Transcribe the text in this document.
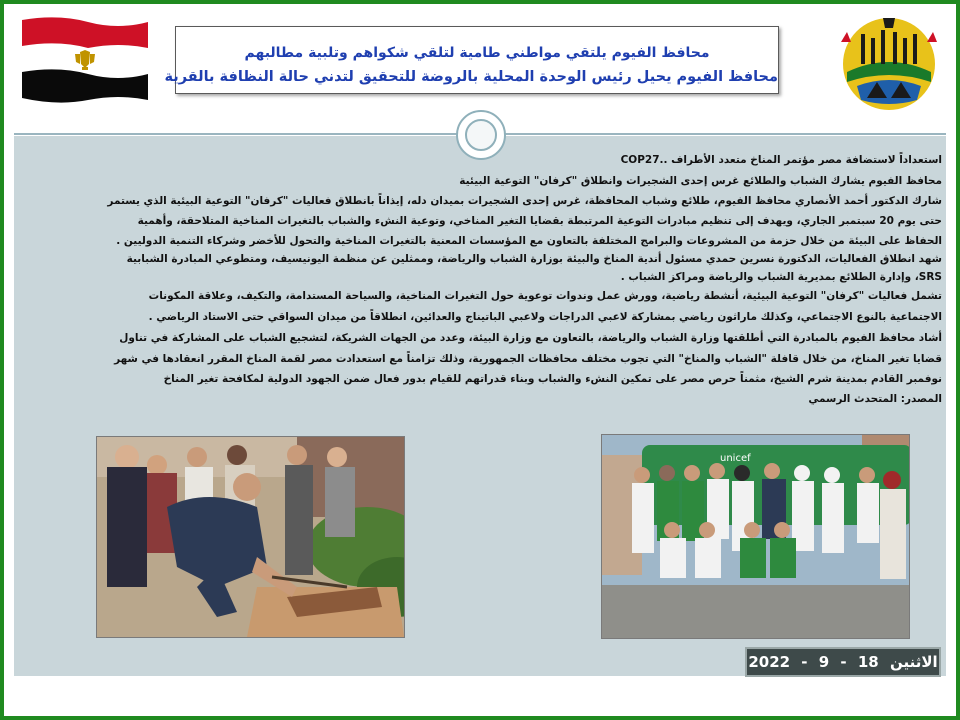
محافظ الفيوم يلتقي مواطني طامية لتلقي شكواهم وتلبية مطالبهم
محافظ الفيوم يحيل رئيس الوحدة المحلية بالروضة للتحقيق لتدني حالة النظافة بالقرية

استعداداً لاستضافة مصر مؤتمر المناخ متعدد الأطراف ..COP27

محافظ الفيوم يشارك الشباب والطلائع غرس إحدى الشجيرات وانطلاق "كرفان" التوعية البيئية

شارك الدكتور أحمد الأنصاري محافظ الفيوم، طلائع وشباب المحافظة، غرس إحدى الشجيرات بميدان دله، إيذاناً بانطلاق فعاليات "كرفان" التوعية البيئية الذي يستمر

حتى يوم 20 سبتمبر الجاري، ويهدف إلى تنظيم مبادرات التوعية المرتبطة بقضايا التغير المناخي، وتوعية النشء والشباب بالتغيرات المناخية المتلاحقة، وأهمية

الحفاظ على البيئة من خلال حزمة من المشروعات والبرامج المختلفة بالتعاون مع المؤسسات المعنية بالتغيرات المناخية والتحول للأخضر وشركاء التنمية الدوليين .

شهد انطلاق الفعاليات، الدكتورة نسرين حمدي مسئول أندية المناخ والبيئة بوزارة الشباب والرياضة، وممثلين عن منظمة اليونيسيف، ومتطوعي المبادرة الشبابية

SRS، وإدارة الطلائع بمديرية الشباب والرياضة ومراكز الشباب .

تشمل فعاليات "كرفان" التوعية البيئية، أنشطة رياضية، وورش عمل وندوات توعوية حول التغيرات المناخية، والسياحة المستدامة، والتكيف، وعلاقة المكونات

الاجتماعية بالنوع الاجتماعي، وكذلك ماراثون رياضي بمشاركة لاعبي الدراجات ولاعبي الباتيناج والعدائين، انطلاقاً من ميدان السواقي حتى الاستاد الرياضي .

أشاد محافظ الفيوم بالمبادرة التي أطلقتها وزارة الشباب والرياضة، بالتعاون مع وزارة البيئة، وعدد من الجهات الشريكة، لتشجيع الشباب على المشاركة في تناول

قضايا تغير المناخ، من خلال قافلة "الشباب والمناخ" التي تجوب مختلف محافظات الجمهورية، وذلك تزامناً مع استعدادت مصر لقمة المناخ المقرر انعقادها في شهر

نوفمبر القادم بمدينة شرم الشيخ، مثمناً حرص مصر على تمكين النشء والشباب وبناء قدراتهم للقيام بدور فعال ضمن الجهود الدولية لمكافحة تغير المناخ

المصدر: المتحدث الرسمي

unicef
الاثنين 18 - 9 - 2022
